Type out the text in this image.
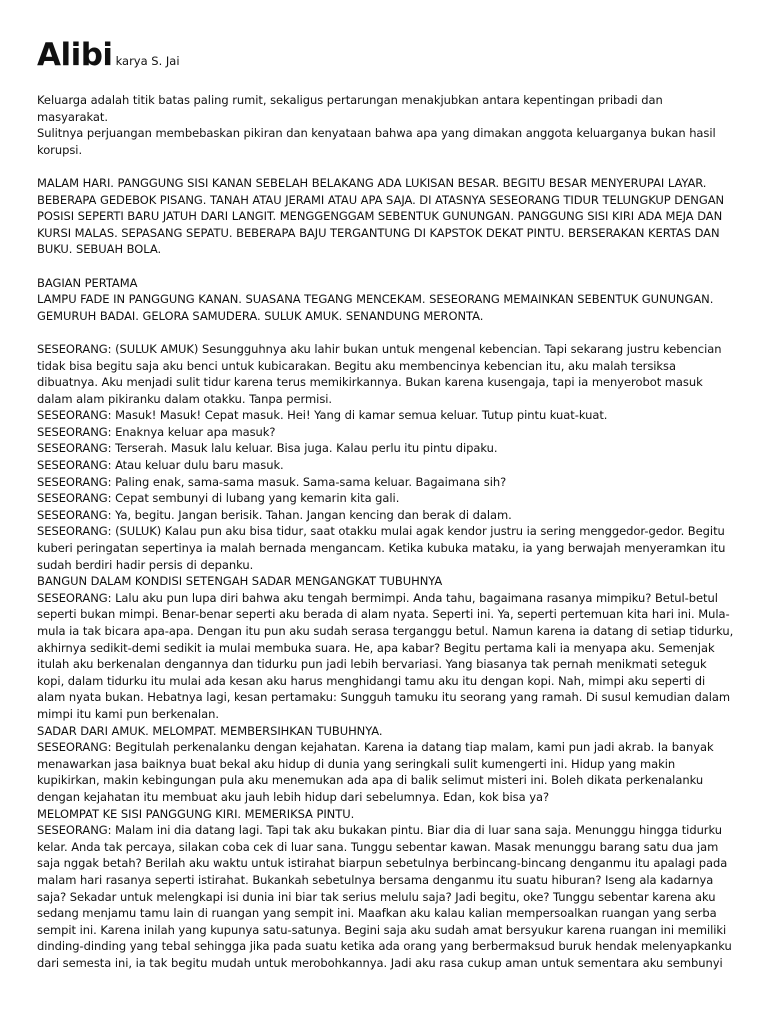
Alibi karya S. Jai

Keluarga adalah titik batas paling rumit, sekaligus pertarungan menakjubkan antara kepentingan pribadi dan masyarakat.

Sulitnya perjuangan membebaskan pikiran dan kenyataan bahwa apa yang dimakan anggota keluarganya bukan hasil korupsi.

MALAM HARI. PANGGUNG SISI KANAN SEBELAH BELAKANG ADA LUKISAN BESAR. BEGITU BESAR MENYERUPAI LAYAR. BEBERAPA GEDEBOK PISANG. TANAH ATAU JERAMI ATAU APA SAJA. DI ATASNYA SESEORANG TIDUR TELUNGKUP DENGAN POSISI SEPERTI BARU JATUH DARI LANGIT. MENGGENGGAM SEBENTUK GUNUNGAN. PANGGUNG SISI KIRI ADA MEJA DAN KURSI MALAS. SEPASANG SEPATU. BEBERAPA BAJU TERGANTUNG DI KAPSTOK DEKAT PINTU. BERSERAKAN KERTAS DAN BUKU. SEBUAH BOLA.

BAGIAN PERTAMA

LAMPU FADE IN PANGGUNG KANAN. SUASANA TEGANG MENCEKAM. SESEORANG MEMAINKAN SEBENTUK GUNUNGAN. GEMURUH BADAI. GELORA SAMUDERA. SULUK AMUK. SENANDUNG MERONTA.

SESEORANG: (SULUK AMUK) Sesungguhnya aku lahir bukan untuk mengenal kebencian. Tapi sekarang justru kebencian tidak bisa begitu saja aku benci untuk kubicarakan. Begitu aku membencinya kebencian itu, aku malah tersiksa dibuatnya. Aku menjadi sulit tidur karena terus memikirkannya. Bukan karena kusengaja, tapi ia menyerobot masuk dalam alam pikiranku dalam otakku. Tanpa permisi.

SESEORANG: Masuk! Masuk! Cepat masuk. Hei! Yang di kamar semua keluar. Tutup pintu kuat-kuat.

SESEORANG: Enaknya keluar apa masuk?

SESEORANG: Terserah. Masuk lalu keluar. Bisa juga. Kalau perlu itu pintu dipaku.

SESEORANG: Atau keluar dulu baru masuk.

SESEORANG: Paling enak, sama-sama masuk. Sama-sama keluar. Bagaimana sih?

SESEORANG: Cepat sembunyi di lubang yang kemarin kita gali.

SESEORANG: Ya, begitu. Jangan berisik. Tahan. Jangan kencing dan berak di dalam.

SESEORANG: (SULUK) Kalau pun aku bisa tidur, saat otakku mulai agak kendor justru ia sering menggedor-gedor. Begitu kuberi peringatan sepertinya ia malah bernada mengancam. Ketika kubuka mataku, ia yang berwajah menyeramkan itu sudah berdiri hadir persis di depanku.

BANGUN DALAM KONDISI SETENGAH SADAR MENGANGKAT TUBUHNYA

SESEORANG: Lalu aku pun lupa diri bahwa aku tengah bermimpi. Anda tahu, bagaimana rasanya mimpiku? Betul-betul seperti bukan mimpi. Benar-benar seperti aku berada di alam nyata. Seperti ini. Ya, seperti pertemuan kita hari ini. Mula-mula ia tak bicara apa-apa. Dengan itu pun aku sudah serasa terganggu betul. Namun karena ia datang di setiap tidurku, akhirnya sedikit-demi sedikit ia mulai membuka suara. He, apa kabar? Begitu pertama kali ia menyapa aku. Semenjak itulah aku berkenalan dengannya dan tidurku pun jadi lebih bervariasi. Yang biasanya tak pernah menikmati seteguk kopi, dalam tidurku itu mulai ada kesan aku harus menghidangi tamu aku itu dengan kopi. Nah, mimpi aku seperti di alam nyata bukan. Hebatnya lagi, kesan pertamaku: Sungguh tamuku itu seorang yang ramah. Di susul kemudian dalam mimpi itu kami pun berkenalan.

SADAR DARI AMUK. MELOMPAT. MEMBERSIHKAN TUBUHNYA.

SESEORANG: Begitulah perkenalanku dengan kejahatan. Karena ia datang tiap malam, kami pun jadi akrab. Ia banyak menawarkan jasa baiknya buat bekal aku hidup di dunia yang seringkali sulit kumengerti ini. Hidup yang makin kupikirkan, makin kebingungan pula aku menemukan ada apa di balik selimut misteri ini. Boleh dikata perkenalanku dengan kejahatan itu membuat aku jauh lebih hidup dari sebelumnya. Edan, kok bisa ya?

MELOMPAT KE SISI PANGGUNG KIRI. MEMERIKSA PINTU.

SESEORANG: Malam ini dia datang lagi. Tapi tak aku bukakan pintu. Biar dia di luar sana saja. Menunggu hingga tidurku kelar. Anda tak percaya, silakan coba cek di luar sana. Tunggu sebentar kawan. Masak menunggu barang satu dua jam saja nggak betah? Berilah aku waktu untuk istirahat biarpun sebetulnya berbincang-bincang denganmu itu apalagi pada malam hari rasanya seperti istirahat. Bukankah sebetulnya bersama denganmu itu suatu hiburan? Iseng ala kadarnya saja? Sekadar untuk melengkapi isi dunia ini biar tak serius melulu saja? Jadi begitu, oke? Tunggu sebentar karena aku sedang menjamu tamu lain di ruangan yang sempit ini. Maafkan aku kalau kalian mempersoalkan ruangan yang serba sempit ini. Karena inilah yang kupunya satu-satunya. Begini saja aku sudah amat bersyukur karena ruangan ini memiliki dinding-dinding yang tebal sehingga jika pada suatu ketika ada orang yang berbermaksud buruk hendak melenyapkanku dari semesta ini, ia tak begitu mudah untuk merobohkannya. Jadi aku rasa cukup aman untuk sementara aku sembunyi
